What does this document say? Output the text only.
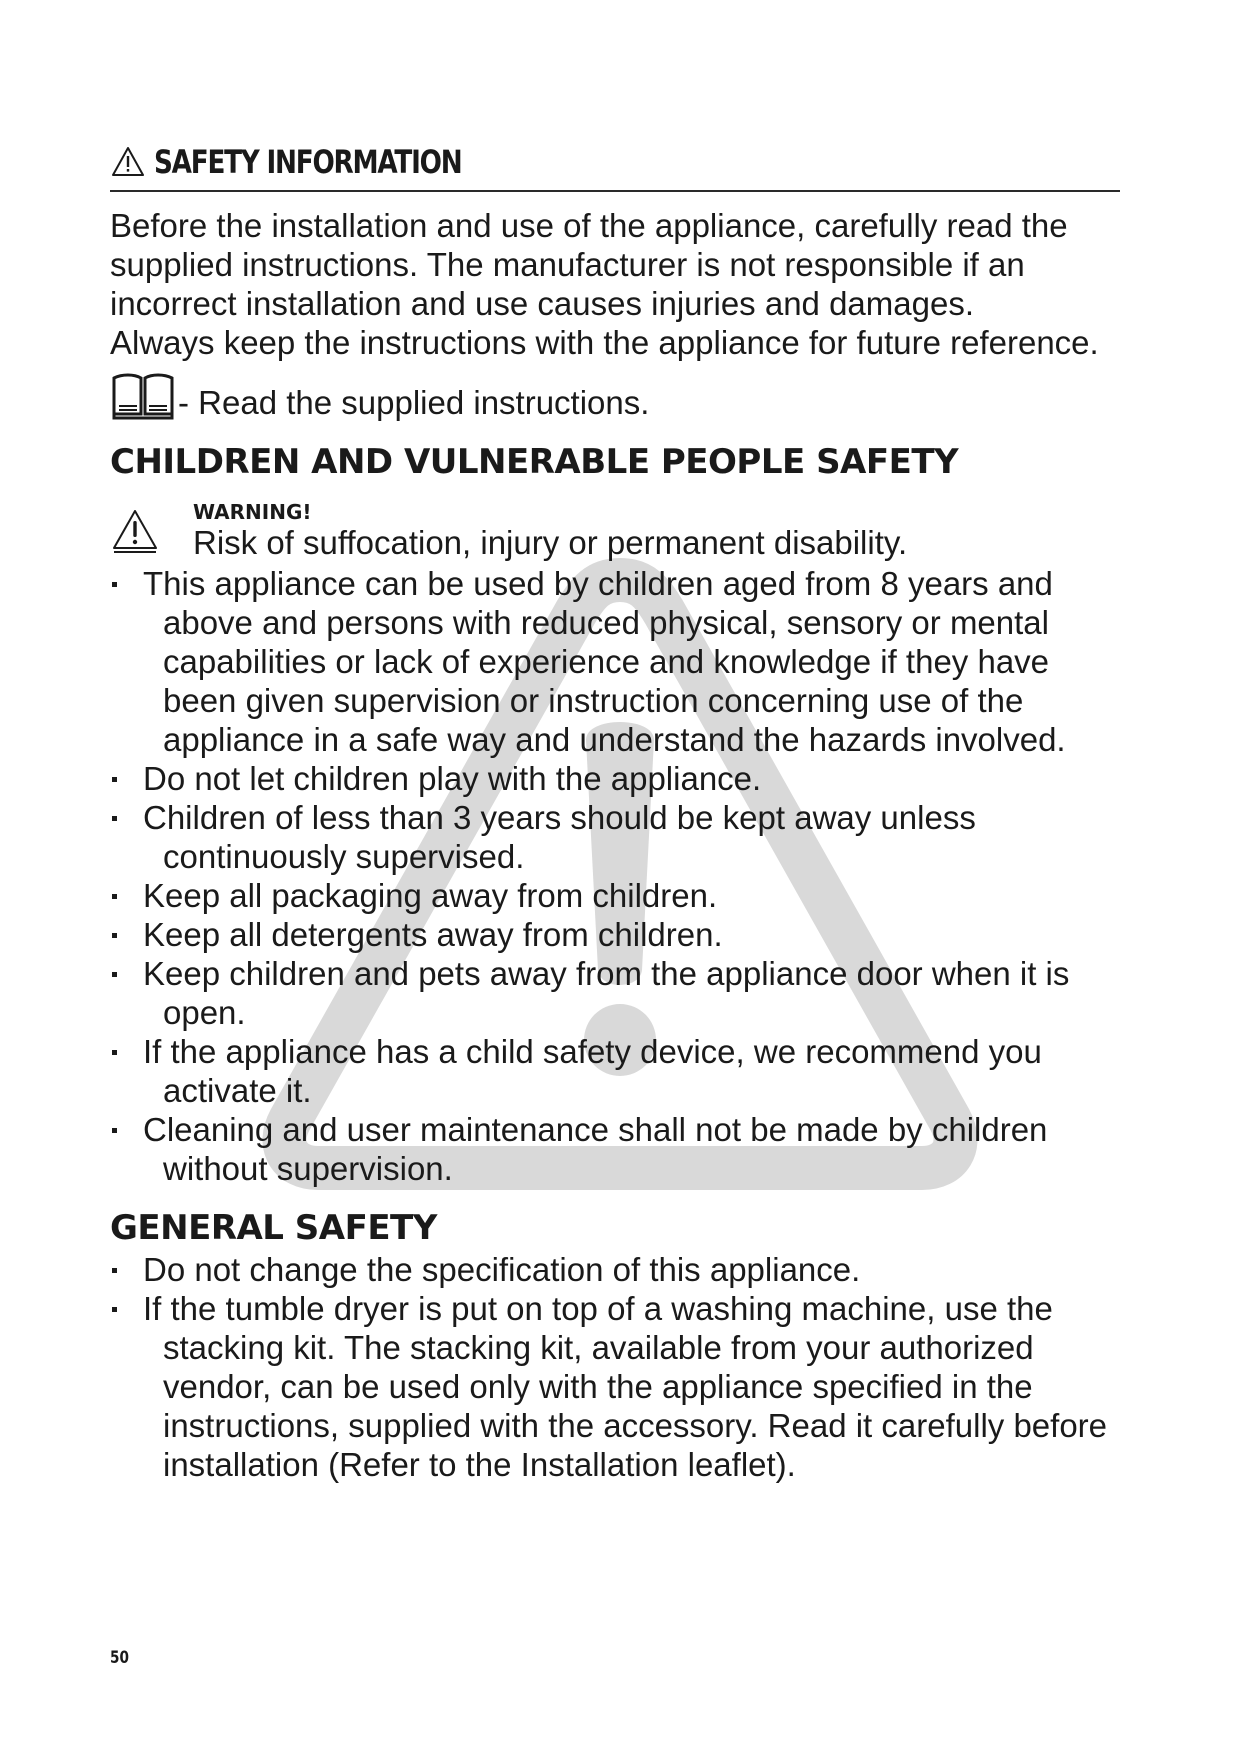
SAFETY INFORMATION

Before the installation and use of the appliance, carefully read the supplied instructions. The manufacturer is not responsible if an incorrect installation and use causes injuries and damages.

Always keep the instructions with the appliance for future reference.

- Read the supplied instructions.
CHILDREN AND VULNERABLE PEOPLE SAFETY
WARNING!
Risk of suffocation, injury or permanent disability.
This appliance can be used by children aged from 8 years and above and persons with reduced physical, sensory or mental capabilities or lack of experience and knowledge if they have been given supervision or instruction concerning use of the appliance in a safe way and understand the hazards involved.
Do not let children play with the appliance.
Children of less than 3 years should be kept away unless continuously supervised.
Keep all packaging away from children.
Keep all detergents away from children.
Keep children and pets away from the appliance door when it is open.
If the appliance has a child safety device, we recommend you activate it.
Cleaning and user maintenance shall not be made by children without supervision.
GENERAL SAFETY
Do not change the specification of this appliance.
If the tumble dryer is put on top of a washing machine, use the stacking kit. The stacking kit, available from your authorized vendor, can be used only with the appliance specified in the instructions, supplied with the accessory. Read it carefully before installation (Refer to the Installation leaflet).
50
